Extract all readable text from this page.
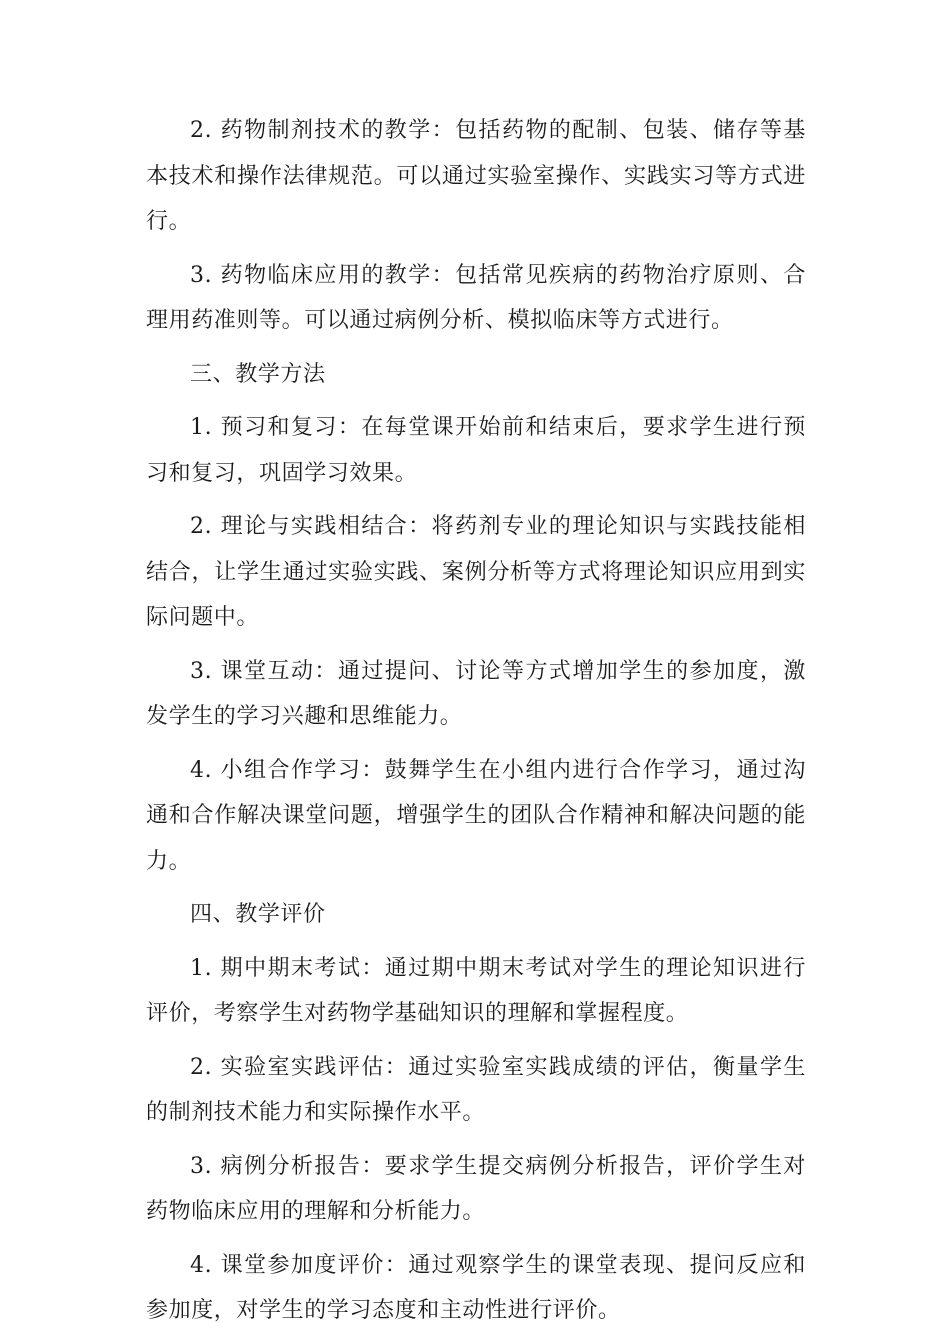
2. 药物制剂技术的教学：包括药物的配制、包装、储存等基本技术和操作法律规范。可以通过实验室操作、实践实习等方式进行。

3. 药物临床应用的教学：包括常见疾病的药物治疗原则、合理用药准则等。可以通过病例分析、模拟临床等方式进行。

三、教学方法

1. 预习和复习：在每堂课开始前和结束后，要求学生进行预习和复习，巩固学习效果。

2. 理论与实践相结合：将药剂专业的理论知识与实践技能相结合，让学生通过实验实践、案例分析等方式将理论知识应用到实际问题中。

3. 课堂互动：通过提问、讨论等方式增加学生的参加度，激发学生的学习兴趣和思维能力。

4. 小组合作学习：鼓舞学生在小组内进行合作学习，通过沟通和合作解决课堂问题，增强学生的团队合作精神和解决问题的能力。

四、教学评价

1. 期中期末考试：通过期中期末考试对学生的理论知识进行评价，考察学生对药物学基础知识的理解和掌握程度。

2. 实验室实践评估：通过实验室实践成绩的评估，衡量学生的制剂技术能力和实际操作水平。

3. 病例分析报告：要求学生提交病例分析报告，评价学生对药物临床应用的理解和分析能力。

4. 课堂参加度评价：通过观察学生的课堂表现、提问反应和参加度，对学生的学习态度和主动性进行评价。
